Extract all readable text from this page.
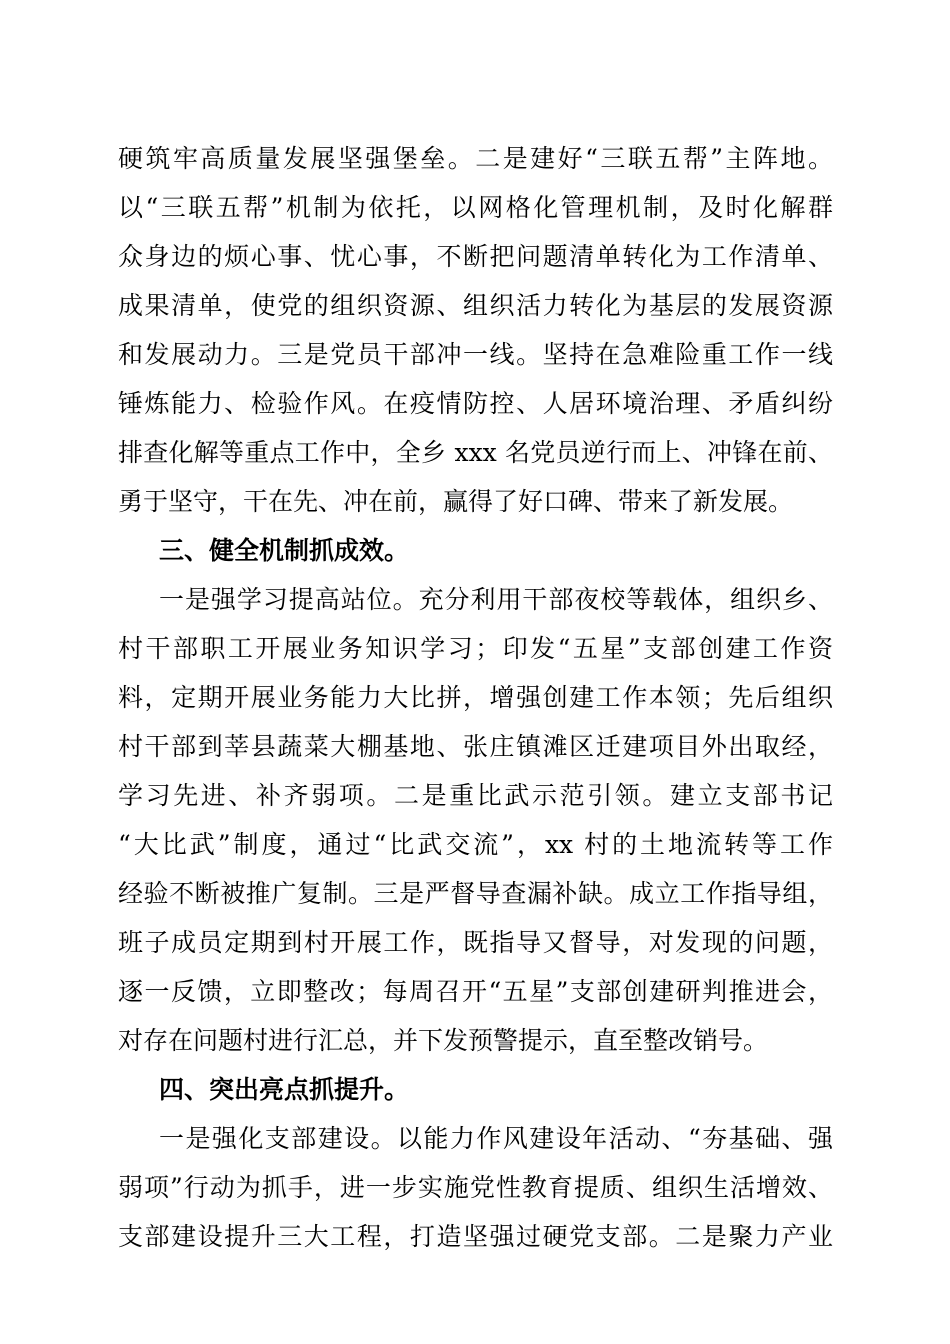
硬筑牢高质量发展坚强堡垒。二是建好“三联五帮”主阵地。
以“三联五帮”机制为依托，以网格化管理机制，及时化解群
众身边的烦心事、忧心事，不断把问题清单转化为工作清单、
成果清单，使党的组织资源、组织活力转化为基层的发展资源
和发展动力。三是党员干部冲一线。坚持在急难险重工作一线
锤炼能力、检验作风。在疫情防控、人居环境治理、矛盾纠纷
排查化解等重点工作中，全乡 xxx 名党员逆行而上、冲锋在前、
勇于坚守，干在先、冲在前，赢得了好口碑、带来了新发展。
三、健全机制抓成效。
一是强学习提高站位。充分利用干部夜校等载体，组织乡、
村干部职工开展业务知识学习；印发“五星”支部创建工作资
料，定期开展业务能力大比拼，增强创建工作本领；先后组织
村干部到莘县蔬菜大棚基地、张庄镇滩区迁建项目外出取经，
学习先进、补齐弱项。二是重比武示范引领。建立支部书记
“大比武”制度，通过“比武交流”，xx 村的土地流转等工作
经验不断被推广复制。三是严督导查漏补缺。成立工作指导组，
班子成员定期到村开展工作，既指导又督导，对发现的问题，
逐一反馈，立即整改；每周召开“五星”支部创建研判推进会，
对存在问题村进行汇总，并下发预警提示，直至整改销号。
四、突出亮点抓提升。
一是强化支部建设。以能力作风建设年活动、“夯基础、强
弱项”行动为抓手，进一步实施党性教育提质、组织生活增效、
支部建设提升三大工程，打造坚强过硬党支部。二是聚力产业
